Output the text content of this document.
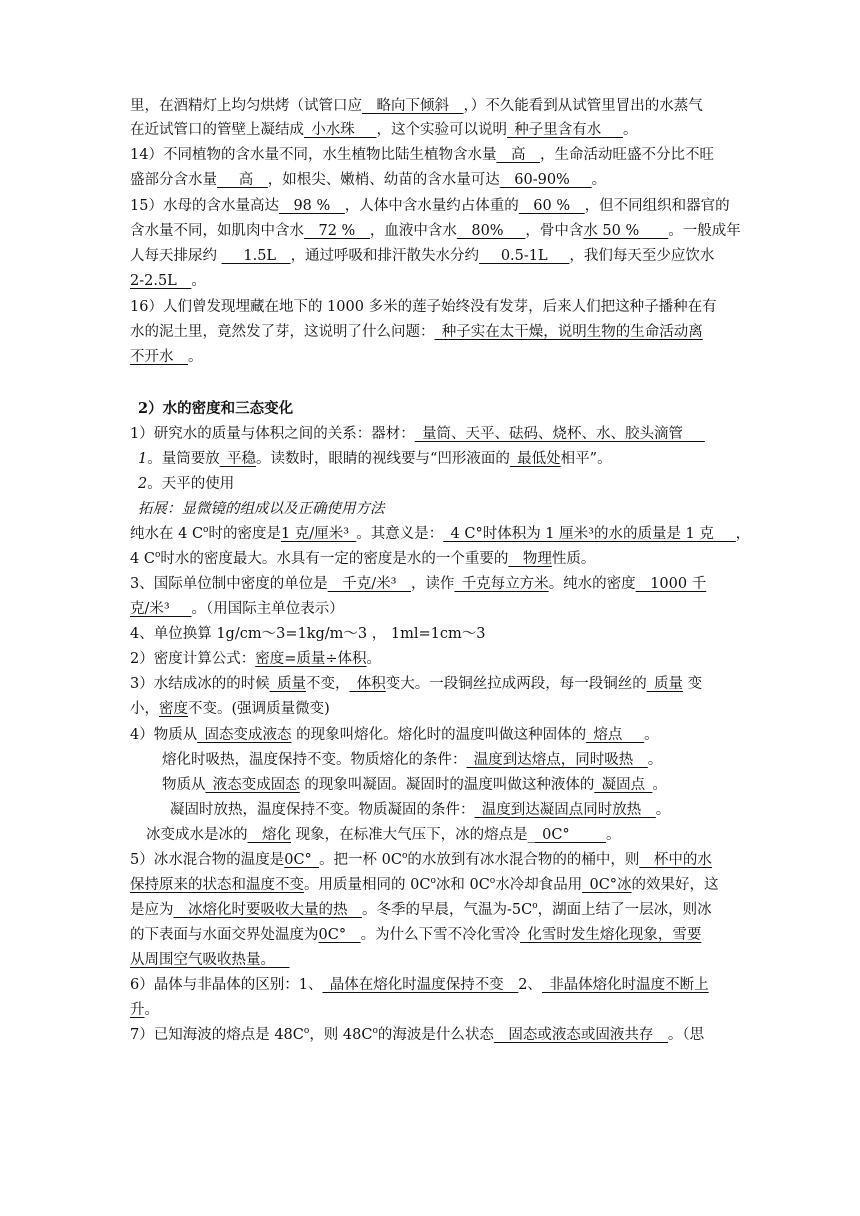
里，在酒精灯上均匀烘烤（试管口应__略向下倾斜__，）不久能看到从试管里冒出的水蒸气
在近试管口的管壁上凝结成_小水珠___，这个实验可以说明_种子里含有水___。
14）不同植物的含水量不同，水生植物比陆生植物含水量__高__，生命活动旺盛不分比不旺
盛部分含水量___高__，如根尖、嫩梢、幼苗的含水量可达__60-90%___。
15）水母的含水量高达__98 %__，人体中含水量约占体重的__60 %__，但不同组织和器官的
含水量不同，如肌肉中含水__72 %__，血液中含水__80%___，骨中含水 50 %____。一般成年
人每天排尿约 ___1.5L__，通过呼吸和排汗散失水分约___0.5-1L___，我们每天至少应饮水
2-2.5L__。
16）人们曾发现埋藏在地下的 1000 多米的莲子始终没有发芽，后来人们把这种子播种在有
水的泥土里，竟然发了芽，这说明了什么问题：_种子实在太干燥，说明生物的生命活动离
不开水__。
2）水的密度和三态变化
1）研究水的质量与体积之间的关系：器材：_量筒、天平、砝码、烧杯、水、胶头滴管___
1。量筒要放_平稳。读数时，眼睛的视线要与“凹形液面的_最低处相平”。
2。天平的使用
拓展：显微镜的组成以及正确使用方法
纯水在 4 $C^o$时的密度是1 克/厘米³_。其意义是：_4 C°时体积为 1 厘米³的水的质量是 1 克___，
4 $C^o$时水的密度最大。水具有一定的密度是水的一个重要的__物理性质。
3、国际单位制中密度的单位是__千克/米³__，读作_千克每立方米。纯水的密度__1000 千
克/米³___。（用国际主单位表示）
4、单位换算 1g/cm～3=1kg/m～3 ， 1ml=1cm～3
2）密度计算公式：密度=质量÷体积。
3）水结成冰的的时候_质量不变，_体积变大。一段铜丝拉成两段，每一段铜丝的_质量 变
小，密度不变。(强调质量微变)
4）物质从_固态变成液态 的现象叫熔化。熔化时的温度叫做这种固体的_熔点___。
熔化时吸热，温度保持不变。物质熔化的条件：_温度到达熔点，同时吸热__。
物质从_液态变成固态 的现象叫凝固。凝固时的温度叫做这种液体的_凝固点_。
凝固时放热，温度保持不变。物质凝固的条件：_温度到达凝固点同时放热__。
冰变成水是冰的__熔化 现象，在标准大气压下，冰的熔点是__0C°_____。
5）冰水混合物的温度是0C°_。把一杯 $0C^o$的水放到有冰水混合物的的桶中，则__杯中的水
保持原来的状态和温度不变。用质量相同的 $0C^o$冰和 $0C^o$水冷却食品用_0C°冰的效果好，这
是应为__冰熔化时要吸收大量的热__。冬季的早晨，气温为$-5C^o$，湖面上结了一层冰，则冰
的下表面与水面交界处温度为0C°__。为什么下雪不冷化雪冷_化雪时发生熔化现象，雪要
从周围空气吸收热量。__
6）晶体与非晶体的区别：1、_晶体在熔化时温度保持不变__2、_非晶体熔化时温度不断上
升。
7）已知海波的熔点是 $48C^o$，则 $48C^o$的海波是什么状态__固态或液态或固液共存__。（思
